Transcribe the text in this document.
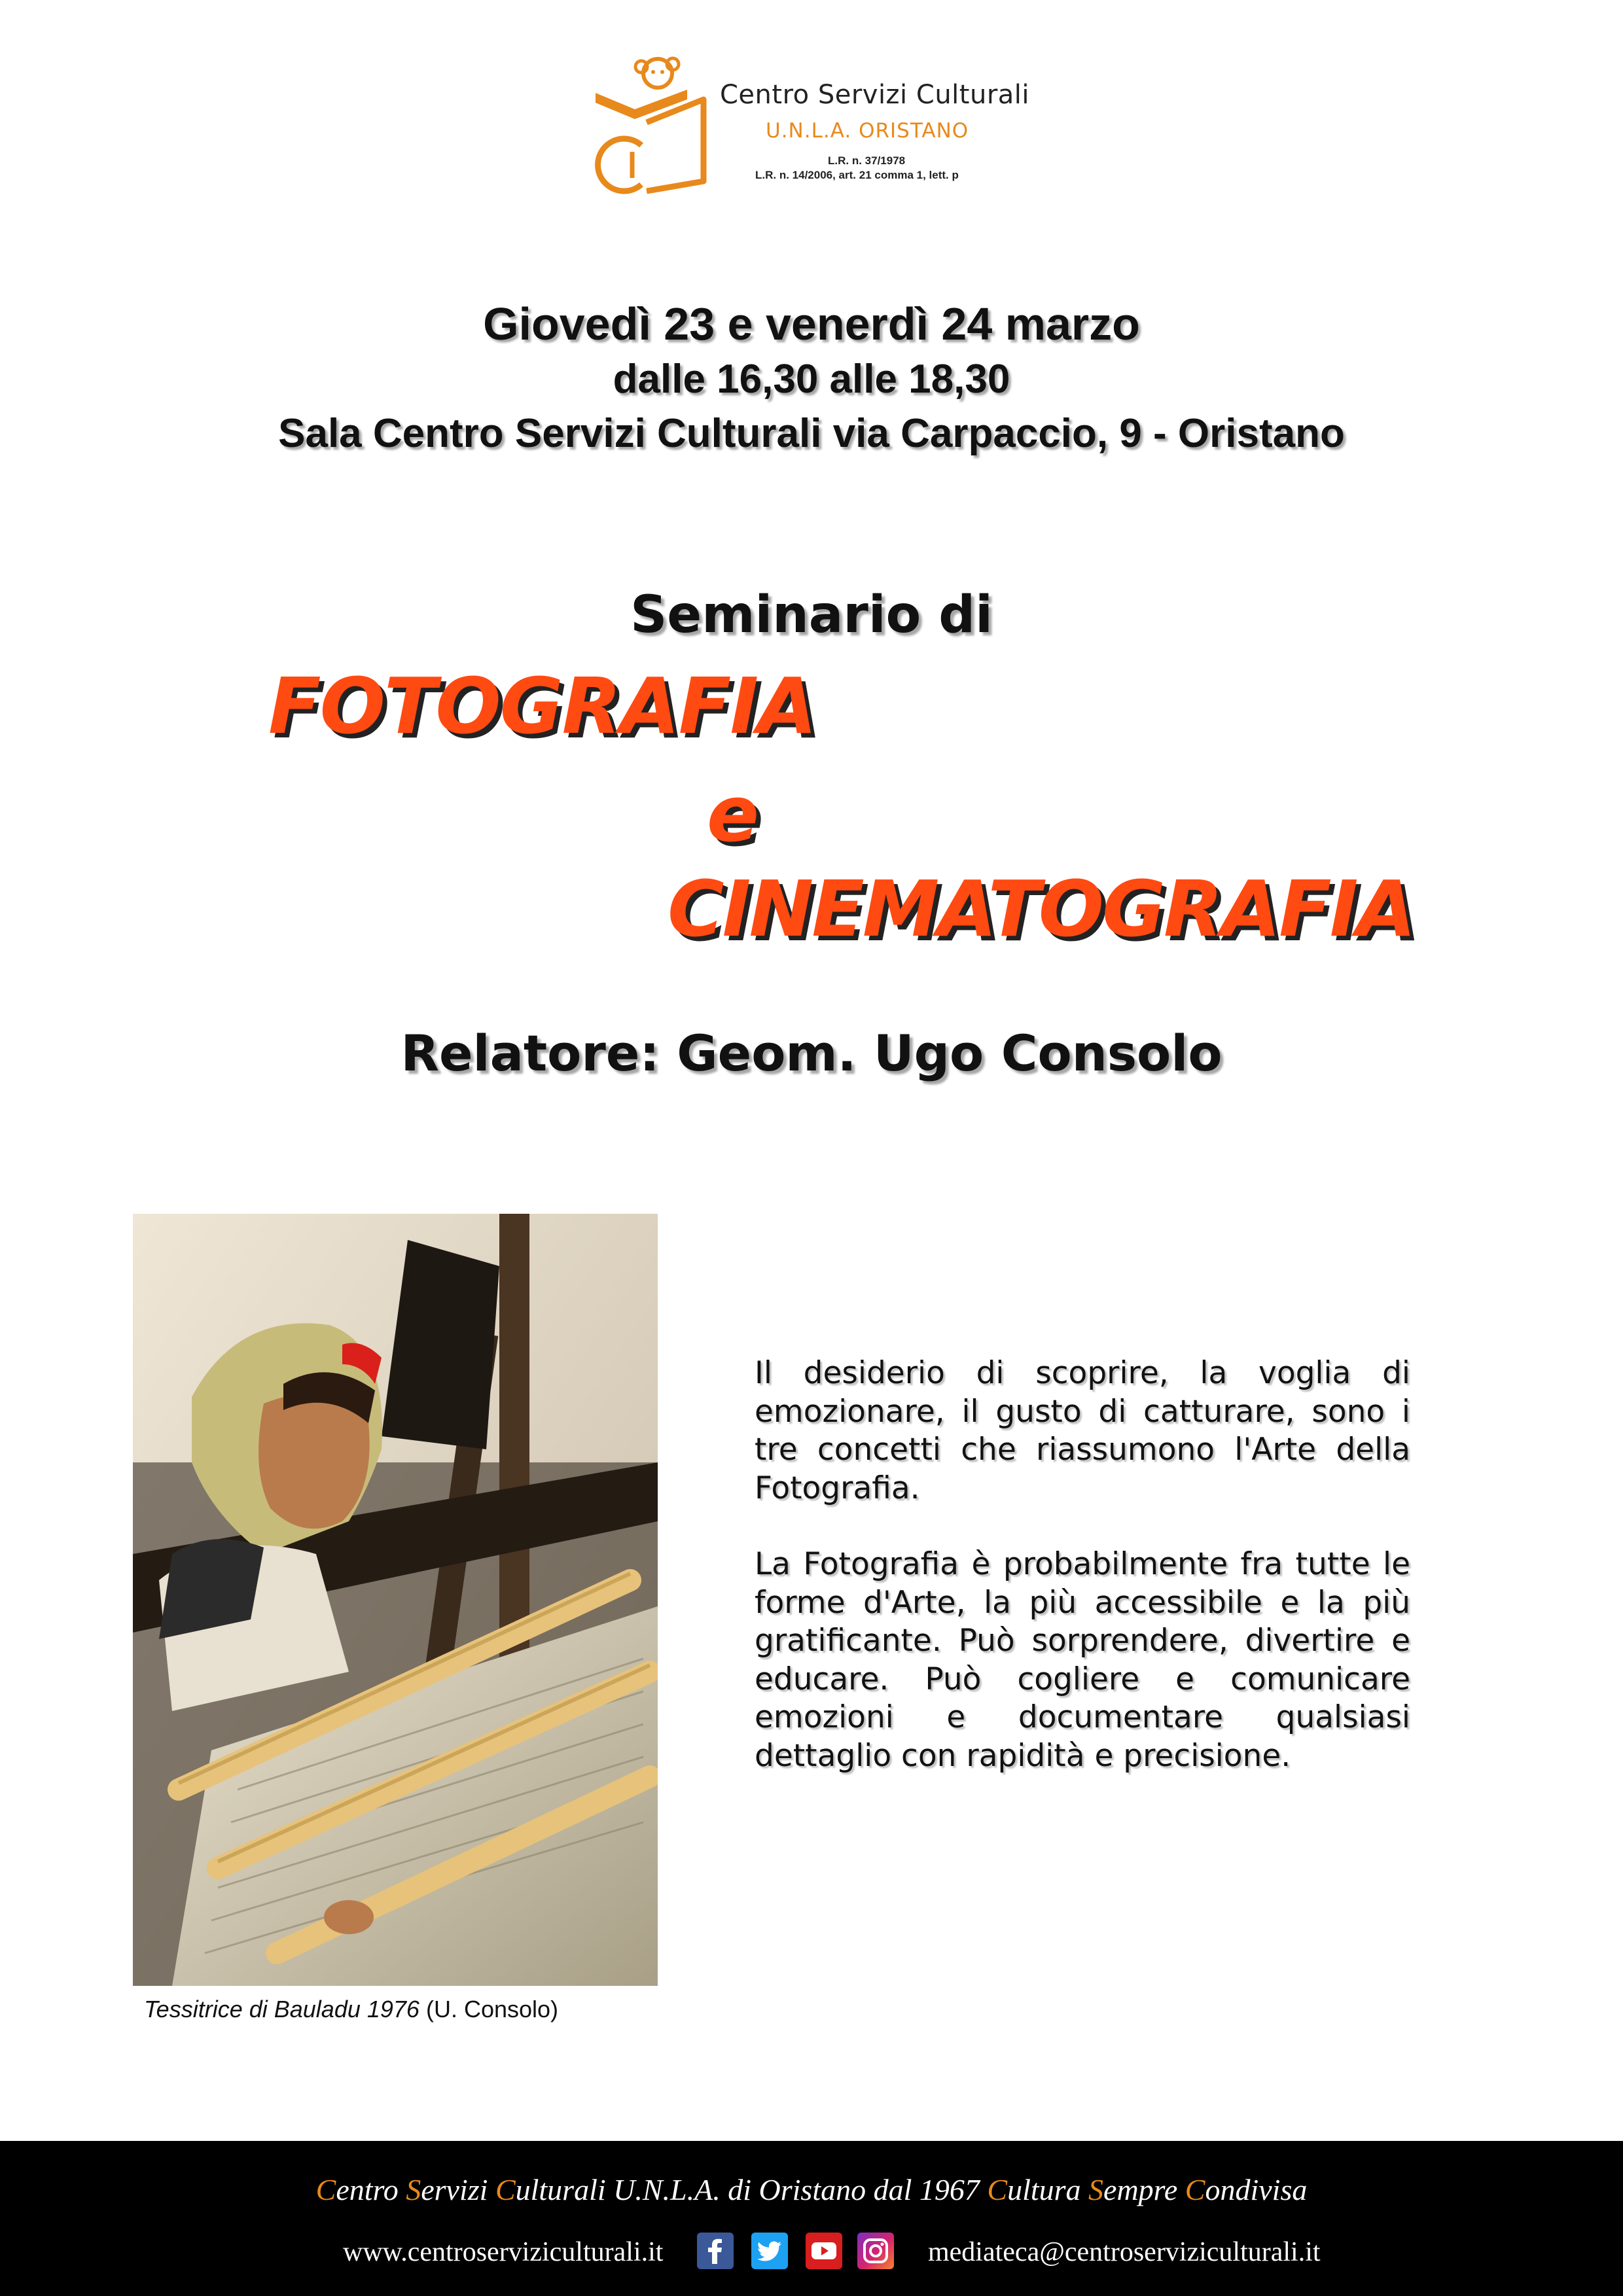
Centro Servizi Culturali
U.N.L.A. ORISTANO
L.R. n. 37/1978
L.R. n. 14/2006, art. 21 comma 1, lett. p
Giovedì 23 e venerdì 24 marzo
dalle 16,30 alle 18,30
Sala Centro Servizi Culturali via Carpaccio, 9 - Oristano
Seminario di
FOTOGRAFIA
e
CINEMATOGRAFIA
Relatore: Geom. Ugo Consolo
Tessitrice di Bauladu 1976 (U. Consolo)

Il desiderio di scoprire, la voglia di emozionare, il gusto di catturare, sono i tre concetti che riassumono l'Arte della Fotografia.

La Fotografia è probabilmente fra tutte le forme d'Arte, la più accessibile e la più gratificante. Può sorprendere, divertire e educare. Può cogliere e comunicare emozioni e documentare qualsiasi dettaglio con rapidità e precisione.

Centro Servizi Culturali U.N.L.A. di Oristano dal 1967 Cultura Sempre Condivisa
www.centroserviziculturali.it	mediateca@centroserviziculturali.it
